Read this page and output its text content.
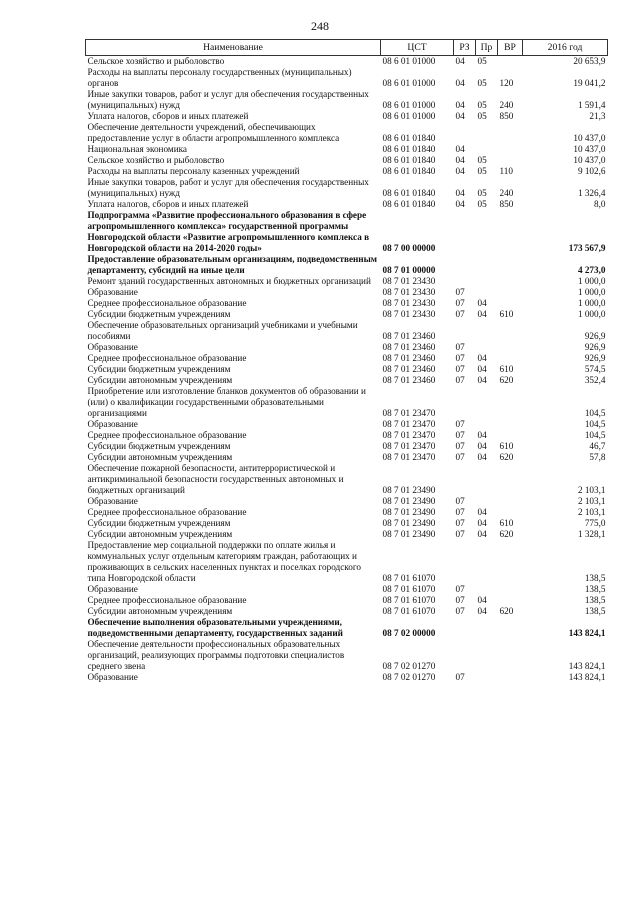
248
Наименование	ЦСТ	РЗ	Пр	ВР	2016 год
Сельское хозяйство и рыболовство	08 6 01 01000	04	05		20 653,9
Расходы на выплаты персоналу государственных (муниципальных) органов	08 6 01 01000	04	05	120	19 041,2
Иные закупки товаров, работ и услуг для обеспечения государственных (муниципальных) нужд	08 6 01 01000	04	05	240	1 591,4
Уплата налогов, сборов и иных платежей	08 6 01 01000	04	05	850	21,3
Обеспечение деятельности учреждений, обеспечивающих предоставление услуг в области агропромышленного комплекса	08 6 01 01840				10 437,0
Национальная экономика	08 6 01 01840	04			10 437,0
Сельское хозяйство и рыболовство	08 6 01 01840	04	05		10 437,0
Расходы на выплаты персоналу казенных учреждений	08 6 01 01840	04	05	110	9 102,6
Иные закупки товаров, работ и услуг для обеспечения государственных (муниципальных) нужд	08 6 01 01840	04	05	240	1 326,4
Уплата налогов, сборов и иных платежей	08 6 01 01840	04	05	850	8,0
Подпрограмма «Развитие профессионального образования в сфере агропромышленного комплекса» государственной программы Новгородской области «Развитие агропромышленного комплекса в Новгородской области на 2014-2020 годы»	08 7 00 00000				173 567,9
Предоставление образовательным организациям, подведомственным департаменту, субсидий на иные цели	08 7 01 00000				4 273,0
Ремонт зданий государственных автономных и бюджетных организаций	08 7 01 23430				1 000,0
Образование	08 7 01 23430	07			1 000,0
Среднее профессиональное образование	08 7 01 23430	07	04		1 000,0
Субсидии бюджетным учреждениям	08 7 01 23430	07	04	610	1 000,0
Обеспечение образовательных организаций учебниками и учебными пособиями	08 7 01 23460				926,9
Образование	08 7 01 23460	07			926,9
Среднее профессиональное образование	08 7 01 23460	07	04		926,9
Субсидии бюджетным учреждениям	08 7 01 23460	07	04	610	574,5
Субсидии автономным учреждениям	08 7 01 23460	07	04	620	352,4
Приобретение или изготовление бланков документов об образовании и (или) о квалификации государственными образовательными организациями	08 7 01 23470				104,5
Образование	08 7 01 23470	07			104,5
Среднее профессиональное образование	08 7 01 23470	07	04		104,5
Субсидии бюджетным учреждениям	08 7 01 23470	07	04	610	46,7
Субсидии автономным учреждениям	08 7 01 23470	07	04	620	57,8
Обеспечение пожарной безопасности, антитеррористической и антикриминальной безопасности государственных автономных и бюджетных организаций	08 7 01 23490				2 103,1
Образование	08 7 01 23490	07			2 103,1
Среднее профессиональное образование	08 7 01 23490	07	04		2 103,1
Субсидии бюджетным учреждениям	08 7 01 23490	07	04	610	775,0
Субсидии автономным учреждениям	08 7 01 23490	07	04	620	1 328,1
Предоставление мер социальной поддержки по оплате жилья и коммунальных услуг отдельным категориям граждан, работающих и проживающих в сельских населенных пунктах и поселках городского типа Новгородской области	08 7 01 61070				138,5
Образование	08 7 01 61070	07			138,5
Среднее профессиональное образование	08 7 01 61070	07	04		138,5
Субсидии автономным учреждениям	08 7 01 61070	07	04	620	138,5
Обеспечение выполнения образовательными учреждениями, подведомственными департаменту, государственных заданий	08 7 02 00000				143 824,1
Обеспечение деятельности профессиональных образовательных организаций, реализующих программы подготовки специалистов среднего звена	08 7 02 01270				143 824,1
Образование	08 7 02 01270	07			143 824,1
